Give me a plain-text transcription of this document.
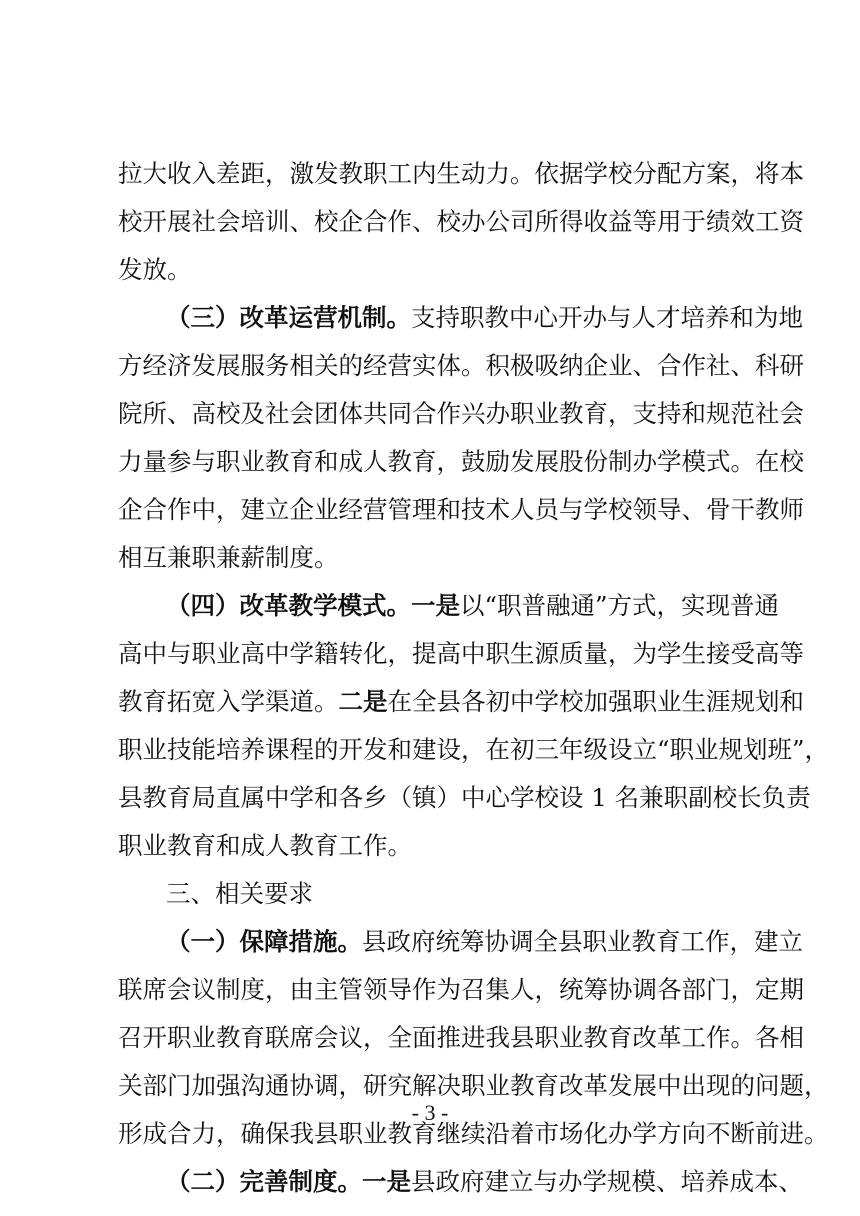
拉大收入差距，激发教职工内生动力。依据学校分配方案，将本
校开展社会培训、校企合作、校办公司所得收益等用于绩效工资
发放。
（三）改革运营机制。支持职教中心开办与人才培养和为地
方经济发展服务相关的经营实体。积极吸纳企业、合作社、科研
院所、高校及社会团体共同合作兴办职业教育，支持和规范社会
力量参与职业教育和成人教育，鼓励发展股份制办学模式。在校
企合作中，建立企业经营管理和技术人员与学校领导、骨干教师
相互兼职兼薪制度。
（四）改革教学模式。一是以“职普融通”方式，实现普通
高中与职业高中学籍转化，提高中职生源质量，为学生接受高等
教育拓宽入学渠道。二是在全县各初中学校加强职业生涯规划和
职业技能培养课程的开发和建设，在初三年级设立“职业规划班”，
县教育局直属中学和各乡（镇）中心学校设 1 名兼职副校长负责
职业教育和成人教育工作。
三、相关要求
（一）保障措施。县政府统筹协调全县职业教育工作，建立
联席会议制度，由主管领导作为召集人，统筹协调各部门，定期
召开职业教育联席会议，全面推进我县职业教育改革工作。各相
关部门加强沟通协调，研究解决职业教育改革发展中出现的问题，
形成合力，确保我县职业教育继续沿着市场化办学方向不断前进。
（二）完善制度。一是县政府建立与办学规模、培养成本、
- 3 -
